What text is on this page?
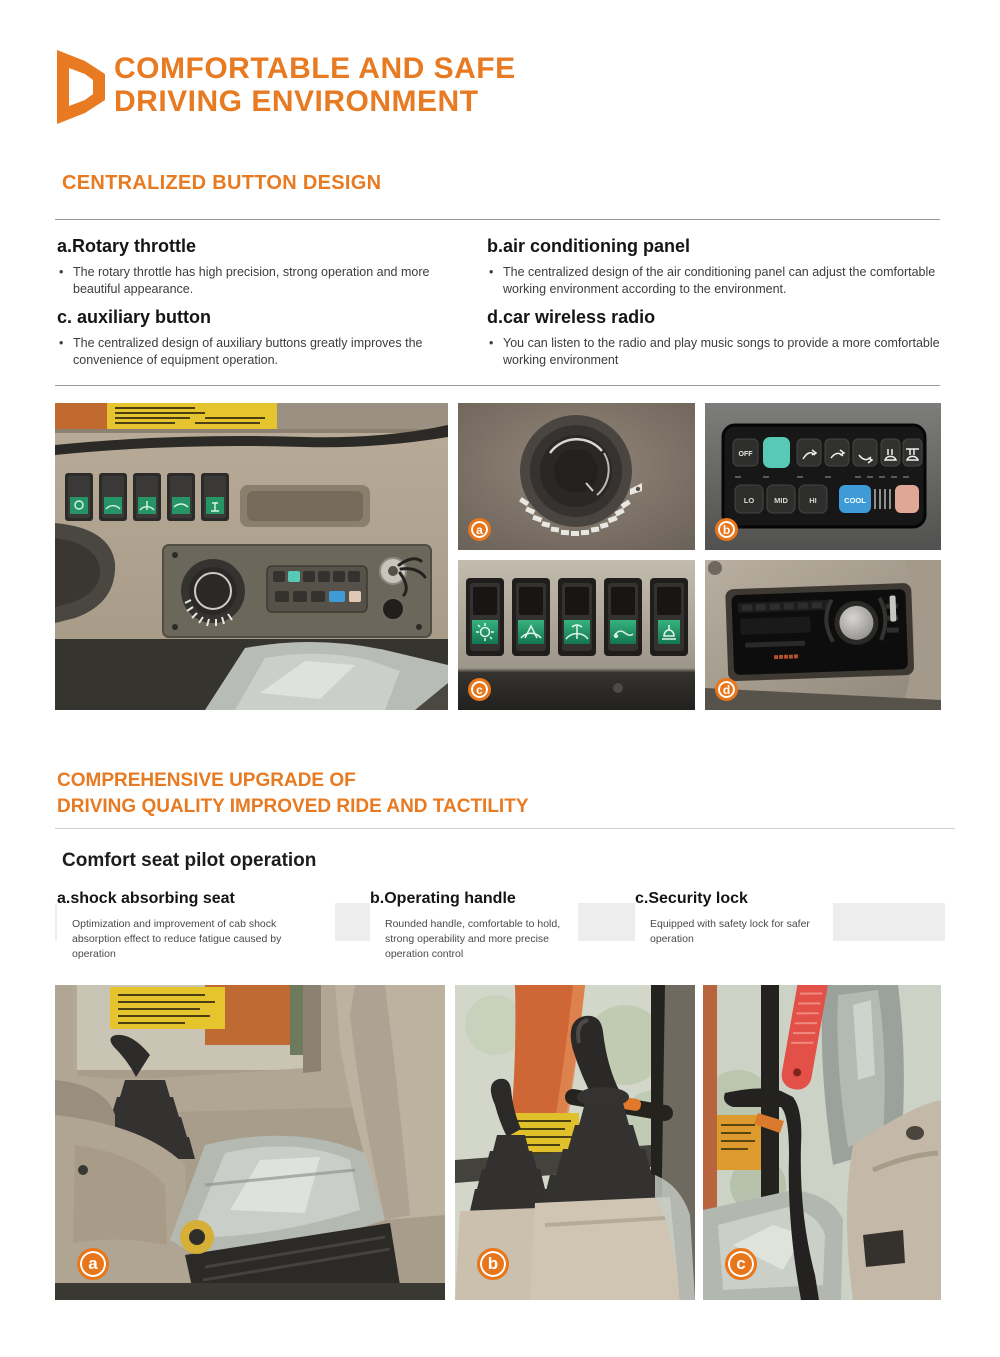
COMFORTABLE AND SAFE
DRIVING ENVIRONMENT
CENTRALIZED BUTTON DESIGN
a.Rotary throttle

• The rotary throttle has high precision, strong operation and more beautiful appearance.

b.air conditioning panel

• The centralized design of the air conditioning panel can adjust the comfortable working environment according to the environment.

c. auxiliary button

• The centralized design of auxiliary buttons greatly improves the convenience of equipment operation.

d.car wireless radio

• You can listen to the radio and play music songs to provide a more comfortable working environment

a
OFF
LO	MID	HI	COOL
b
c
◼◼◼◼◼
d
COMPREHENSIVE UPGRADE OF
DRIVING QUALITY IMPROVED RIDE AND TACTILITY
Comfort seat pilot operation
a.shock absorbing seat

Optimization and improvement of cab shock absorption effect to reduce fatigue caused by operation

b.Operating handle

Rounded handle, comfortable to hold, strong operability and more precise operation control

c.Security lock

Equipped with safety lock for safer operation

a	b	c
